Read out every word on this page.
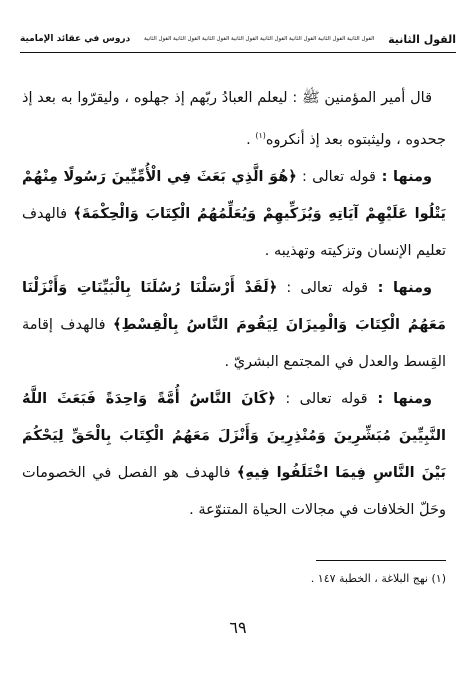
القول الثانية
القول الثانية القول الثانية القول الثانية القول الثانية القول الثانية القول الثانية القول الثانية القول الثانية
دروس في عقائد الإمامية

قال أمير المؤمنين ﷺ : ليعلم العبادُ ربّهم إذ جهلوه ، وليقرّوا به بعد إذ جحدوه ، وليثبتوه بعد إذ أنكروه$^{(١)}$ .

ومنها : قوله تعالى : ﴿هُوَ الَّذِي بَعَثَ فِي الْأُمِّيِّينَ رَسُولًا مِنْهُمْ يَتْلُوا عَلَيْهِمْ آيَاتِهِ وَيُزَكِّيهِمْ وَيُعَلِّمُهُمُ الْكِتَابَ وَالْحِكْمَةَ﴾ فالهدف تعليم الإنسان وتزكيته وتهذيبه .

ومنها : قوله تعالى : ﴿لَقَدْ أَرْسَلْنَا رُسُلَنَا بِالْبَيِّنَاتِ وَأَنْزَلْنَا مَعَهُمُ الْكِتَابَ وَالْمِيزَانَ لِيَقُومَ النَّاسُ بِالْقِسْطِ﴾ فالهدف إقامة القِسط والعدل في المجتمع البشريّ .

ومنها : قوله تعالى : ﴿كَانَ النَّاسُ أُمَّةً وَاحِدَةً فَبَعَثَ اللَّهُ النَّبِيِّينَ مُبَشِّرِينَ وَمُنْذِرِينَ وَأَنْزَلَ مَعَهُمُ الْكِتَابَ بِالْحَقِّ لِيَحْكُمَ بَيْنَ النَّاسِ فِيمَا اخْتَلَفُوا فِيهِ﴾ فالهدف هو الفصل في الخصومات وحَلّ الخلافات في مجالات الحياة المتنوّعة .

(١) نهج البلاغة ، الخطبة ١٤٧ .
٦٩
